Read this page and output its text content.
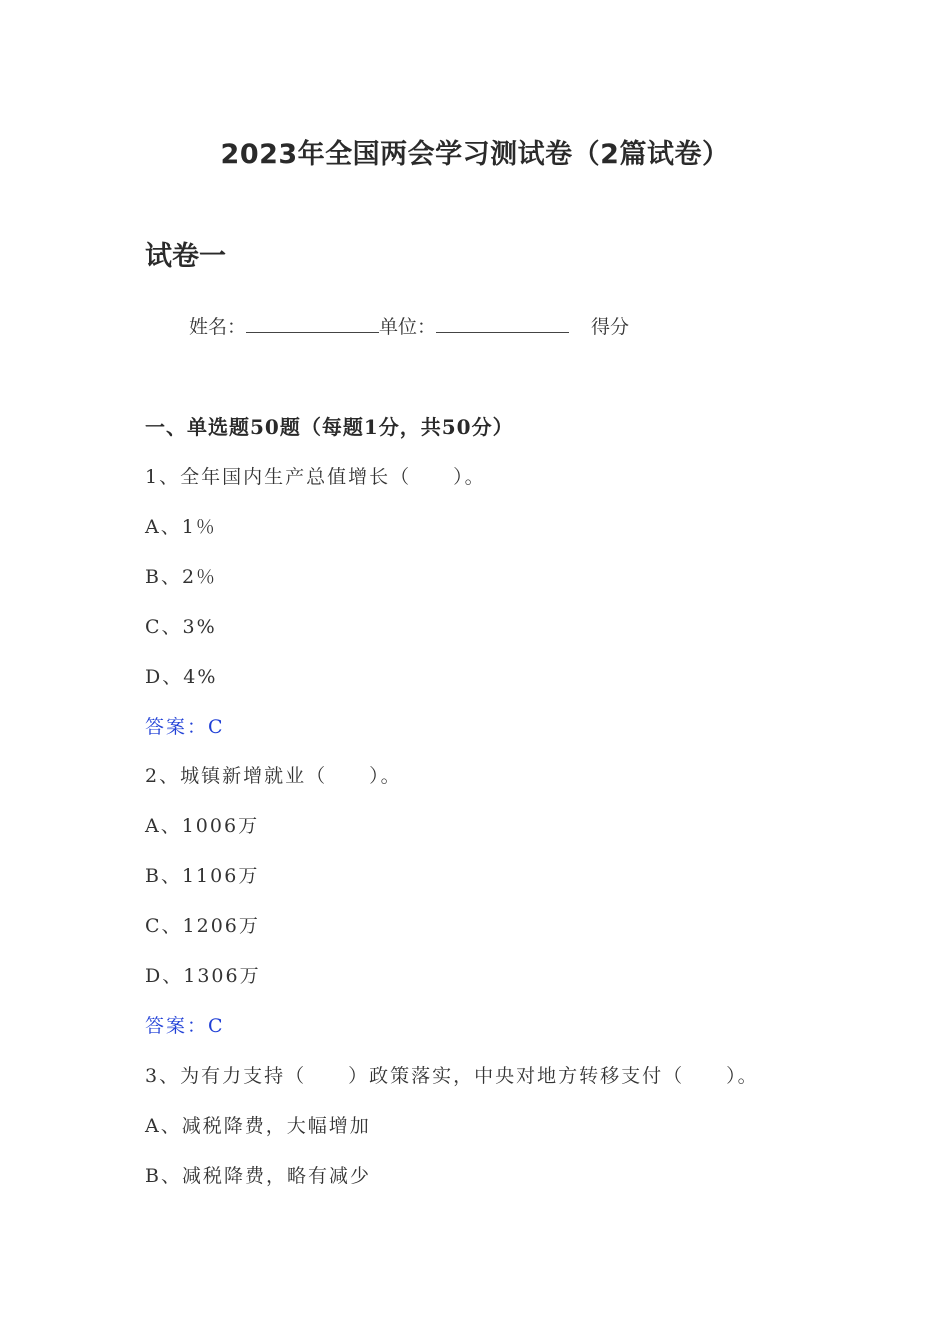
2023年全国两会学习测试卷（2篇试卷）
试卷一
姓名：	单位：	得分
一、单选题50题（每题1分，共50分）
1、全年国内生产总值增长（　　）。
A、1％
B、2％
C、3%
D、4%
答案：C
2、城镇新增就业（　　）。
A、1006万
B、1106万
C、1206万
D、1306万
答案：C
3、为有力支持（　　）政策落实，中央对地方转移支付（　　）。
A、减税降费，大幅增加
B、减税降费，略有减少
